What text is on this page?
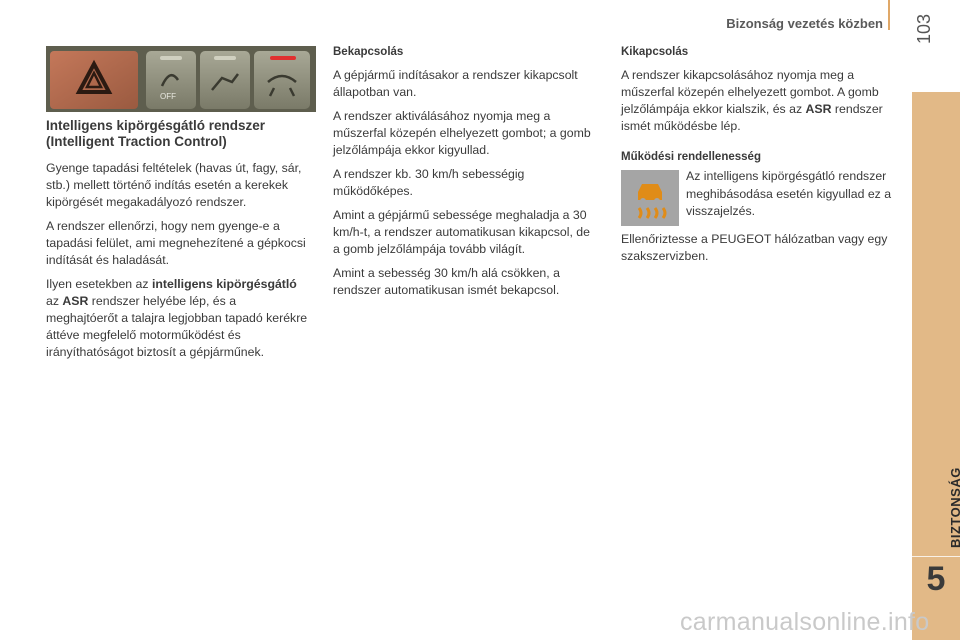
Bizonság vezetés közben 103
BIZTONSÁG
5
OFF
Intelligens kipörgésgátló rendszer
(Intelligent Traction Control)

Gyenge tapadási feltételek (havas út, fagy, sár, stb.) mellett történő indítás esetén a kerekek kipörgését megakadályozó rendszer.

A rendszer ellenőrzi, hogy nem gyenge-e a tapadási felület, ami megnehezítené a gépkocsi indítását és haladását.

Ilyen esetekben az intelligens kipörgésgátló az ASR rendszer helyébe lép, és a meghajtóerőt a talajra legjobban tapadó kerékre áttéve megfelelő motorműködést és irányíthatóságot biztosít a gépjárműnek.

Bekapcsolás

A gépjármű indításakor a rendszer kikapcsolt állapotban van.

A rendszer aktiválásához nyomja meg a műszerfal közepén elhelyezett gombot; a gomb jelzőlámpája ekkor kigyullad.

A rendszer kb. 30 km/h sebességig működőképes.

Amint a gépjármű sebessége meghaladja a 30 km/h-t, a rendszer automatikusan kikapcsol, de a gomb jelzőlámpája tovább világít.

Amint a sebesség 30 km/h alá csökken, a rendszer automatikusan ismét bekapcsol.

Kikapcsolás

A rendszer kikapcsolásához nyomja meg a műszerfal közepén elhelyezett gombot. A gomb jelzőlámpája ekkor kialszik, és az ASR rendszer ismét működésbe lép.

Működési rendellenesség
Az intelligens kipörgésgátló rendszer meghibásodása esetén kigyullad ez a visszajelzés.
Ellenőriztesse a PEUGEOT hálózatban vagy egy szakszervizben.
carmanualsonline.info
